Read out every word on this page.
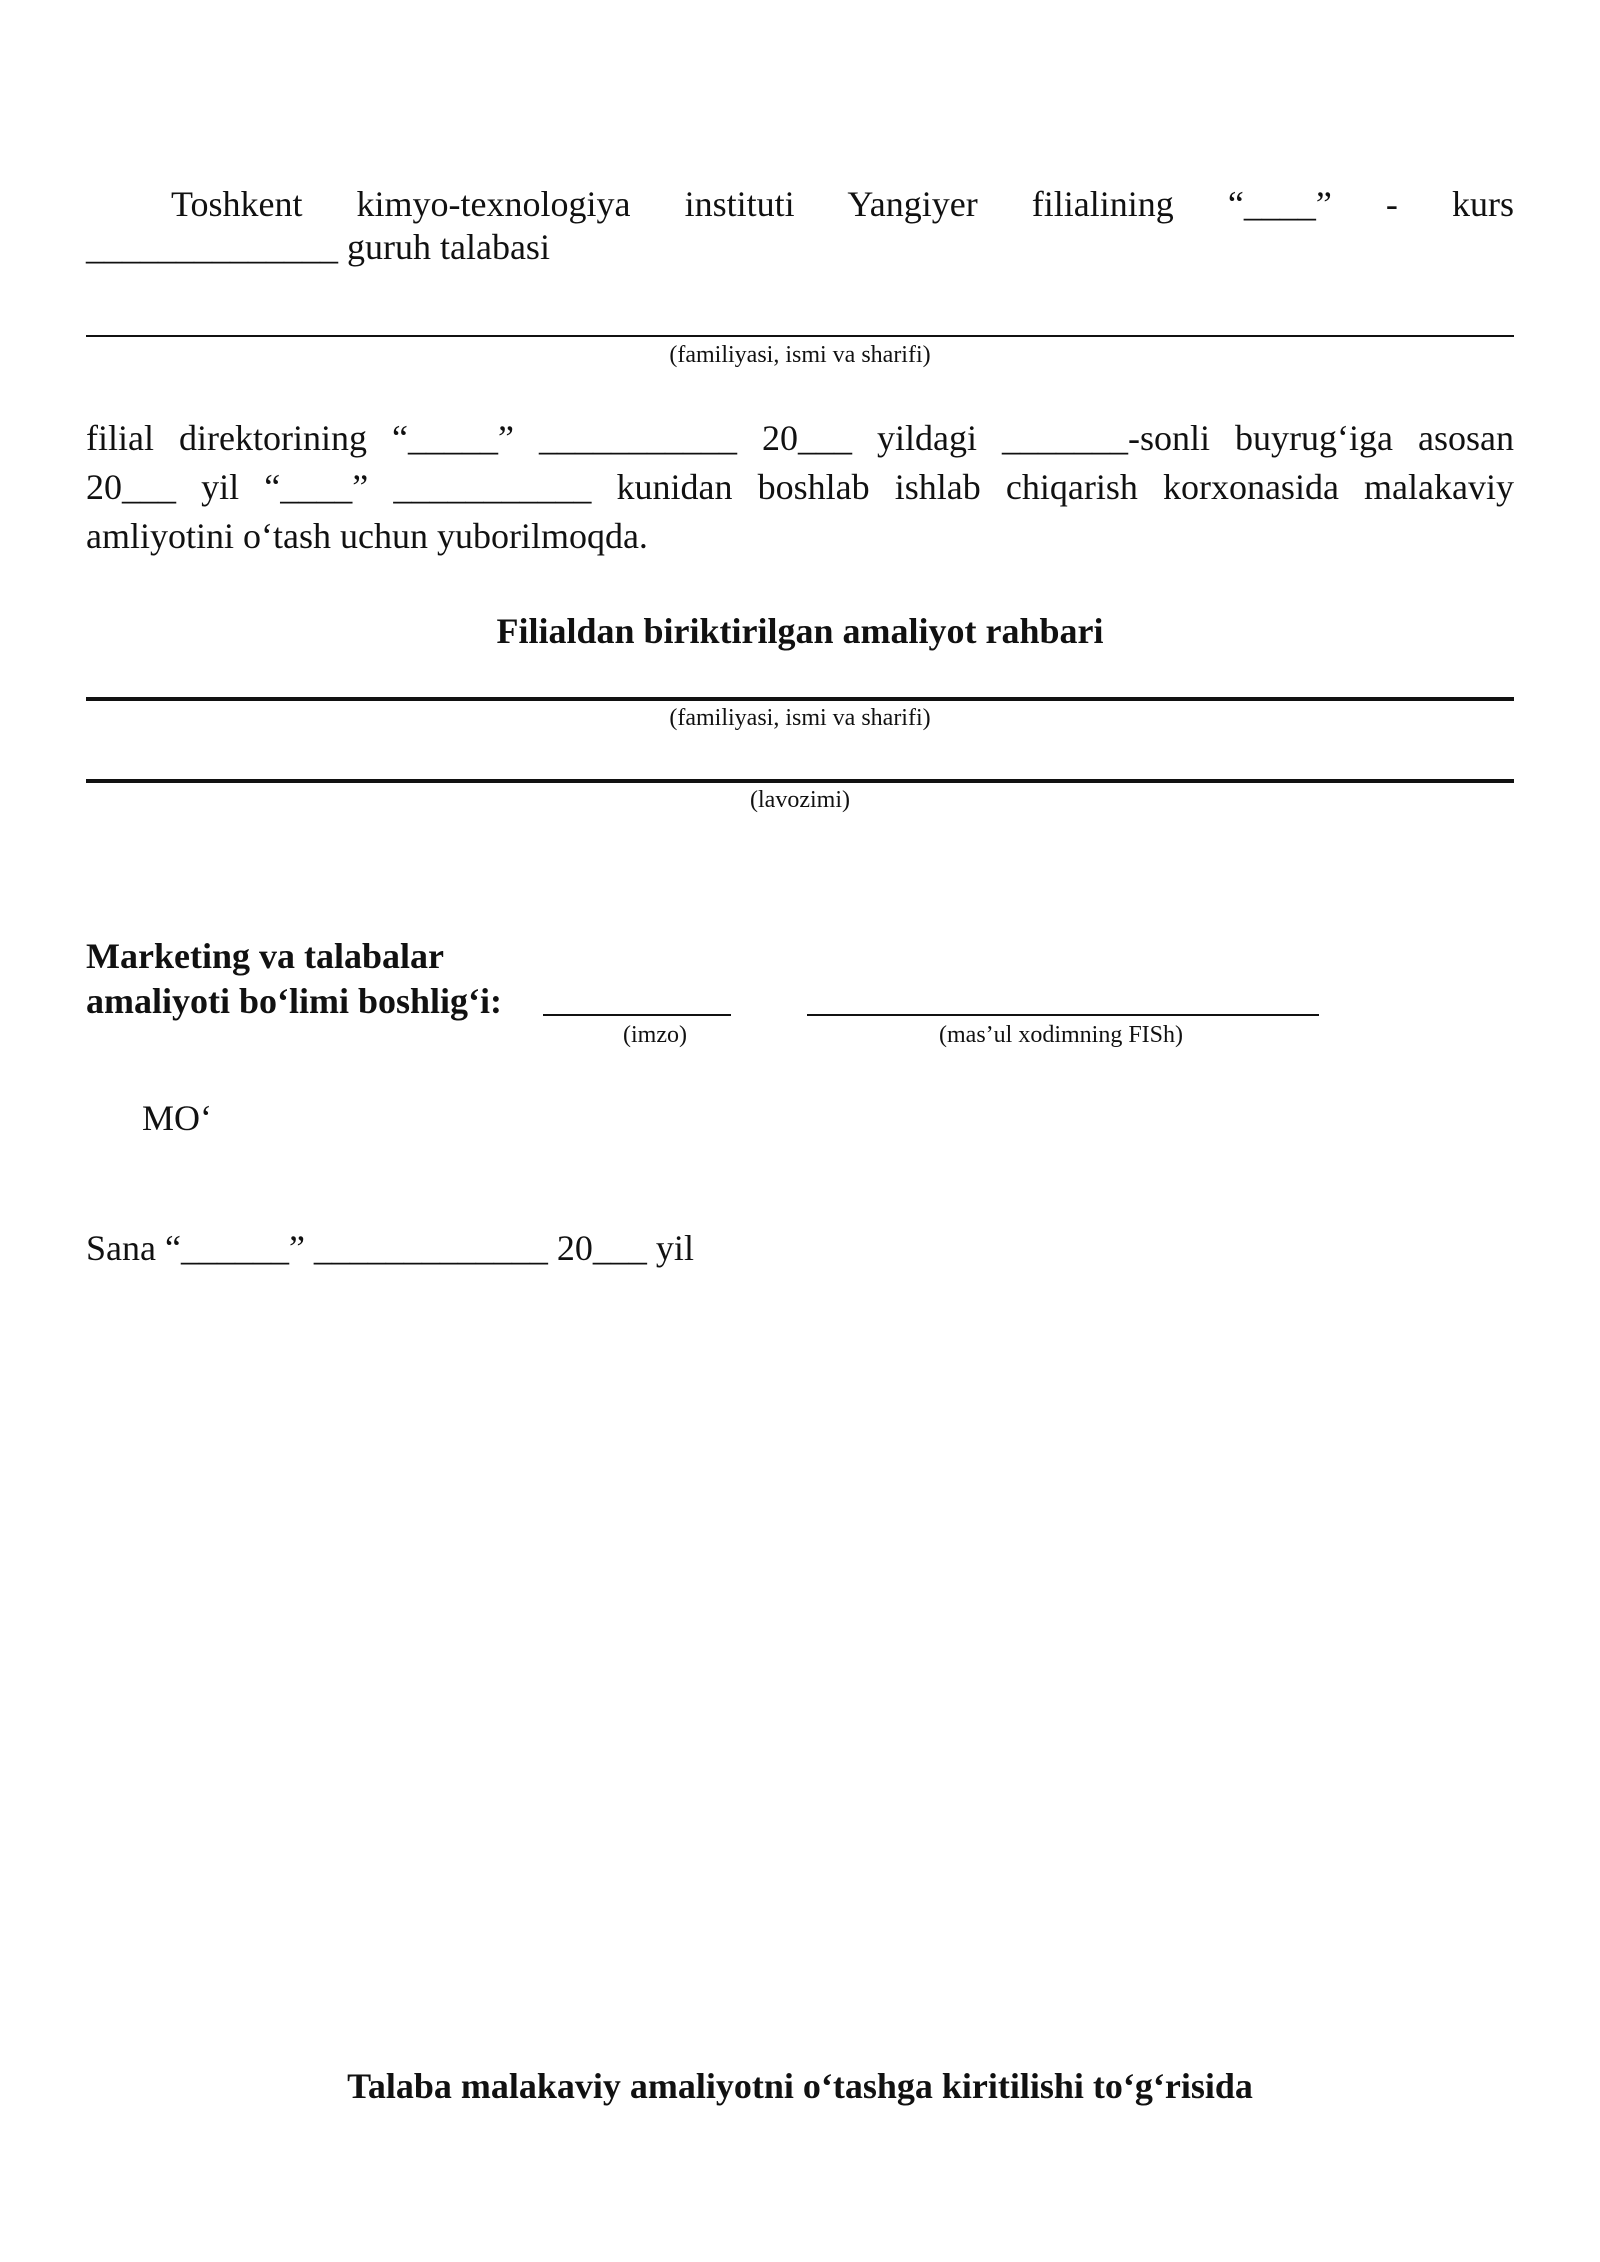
Toshkent kimyo-texnologiya instituti Yangiyer filialining “____” - kurs

______________ guruh talabasi

(familiyasi, ismi va sharifi)

filial direktorining “_____” ___________ 20___ yildagi _______-sonli buyrug‘iga asosan

20___ yil “____” ___________ kunidan boshlab ishlab chiqarish korxonasida malakaviy

amliyotini o‘tash uchun yuborilmoqda.

Filialdan biriktirilgan amaliyot rahbari

(familiyasi, ismi va sharifi)

(lavozimi)

Marketing va talabalar

amaliyoti bo‘limi boshlig‘i:

(imzo)	(mas’ul xodimning FISh)

MO‘

Sana “______” _____________ 20___ yil

Talaba malakaviy amaliyotni o‘tashga kiritilishi to‘g‘risida
